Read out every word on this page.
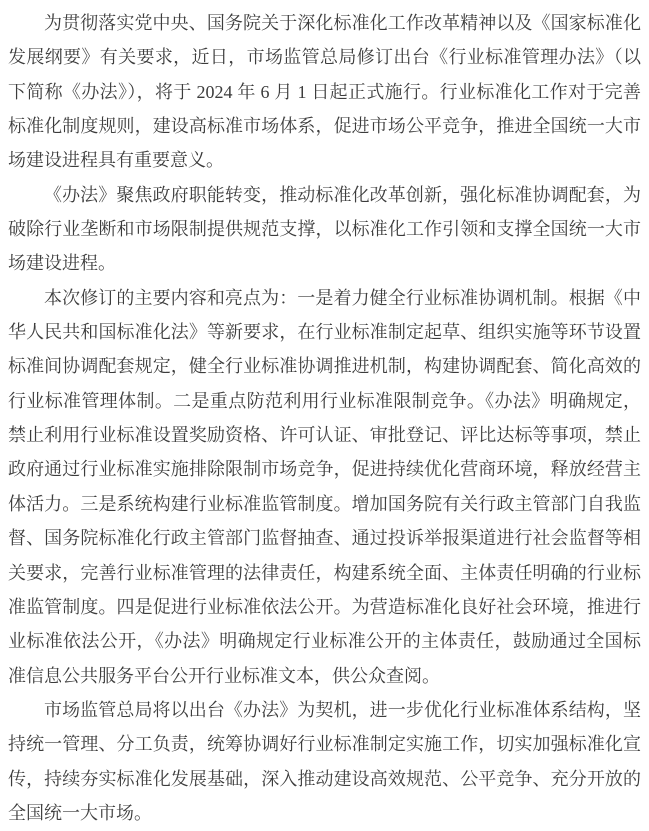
为贯彻落实党中央、国务院关于深化标准化工作改革精神以及《国家标准化发展纲要》有关要求，近日，市场监管总局修订出台《行业标准管理办法》（以下简称《办法》），将于 2024 年 6 月 1 日起正式施行。行业标准化工作对于完善标准化制度规则，建设高标准市场体系，促进市场公平竞争，推进全国统一大市场建设进程具有重要意义。

《办法》聚焦政府职能转变，推动标准化改革创新，强化标准协调配套，为破除行业垄断和市场限制提供规范支撑，以标准化工作引领和支撑全国统一大市场建设进程。

本次修订的主要内容和亮点为：一是着力健全行业标准协调机制。根据《中华人民共和国标准化法》等新要求，在行业标准制定起草、组织实施等环节设置标准间协调配套规定，健全行业标准协调推进机制，构建协调配套、简化高效的行业标准管理体制。二是重点防范利用行业标准限制竞争。《办法》明确规定，禁止利用行业标准设置奖励资格、许可认证、审批登记、评比达标等事项，禁止政府通过行业标准实施排除限制市场竞争，促进持续优化营商环境，释放经营主体活力。三是系统构建行业标准监管制度。增加国务院有关行政主管部门自我监督、国务院标准化行政主管部门监督抽查、通过投诉举报渠道进行社会监督等相关要求，完善行业标准管理的法律责任，构建系统全面、主体责任明确的行业标准监管制度。四是促进行业标准依法公开。为营造标准化良好社会环境，推进行业标准依法公开，《办法》明确规定行业标准公开的主体责任，鼓励通过全国标准信息公共服务平台公开行业标准文本，供公众查阅。

市场监管总局将以出台《办法》为契机，进一步优化行业标准体系结构，坚持统一管理、分工负责，统筹协调好行业标准制定实施工作，切实加强标准化宣传，持续夯实标准化发展基础，深入推动建设高效规范、公平竞争、充分开放的全国统一大市场。
